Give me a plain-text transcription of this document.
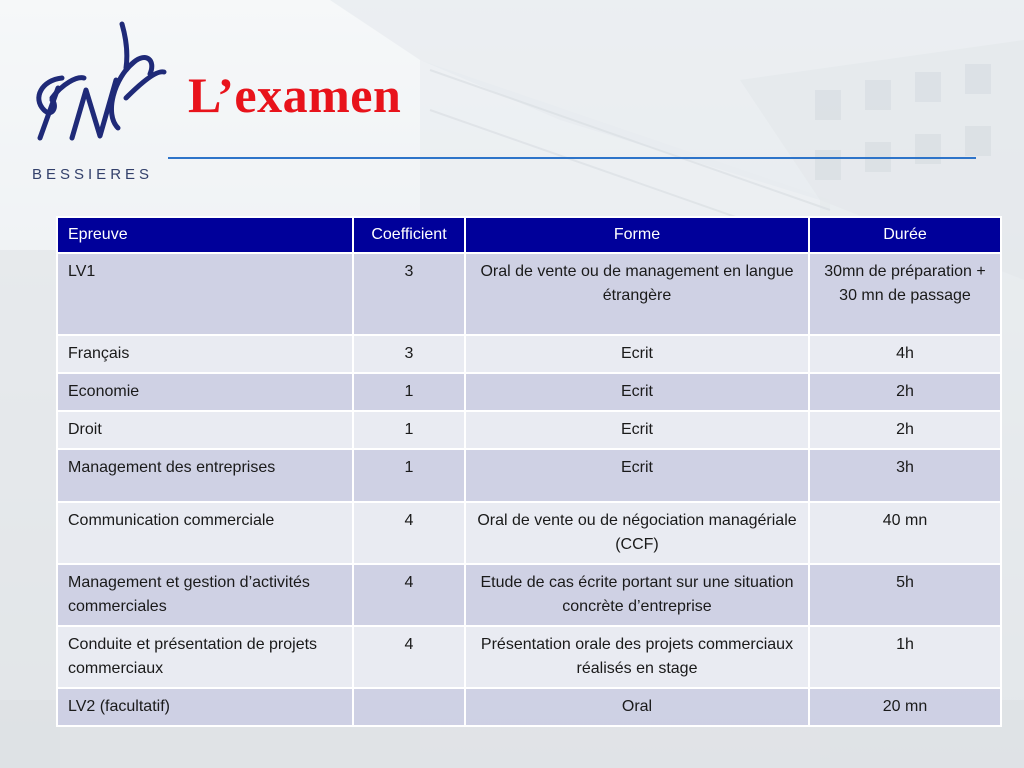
BESSIERES
L’examen
Epreuve	Coefficient	Forme	Durée
LV1	3	Oral de vente ou de management en langue étrangère	30mn de préparation + 30 mn de passage
Français	3	Ecrit	4h
Economie	1	Ecrit	2h
Droit	1	Ecrit	2h
Management des entreprises	1	Ecrit	3h
Communication commerciale	4	Oral de vente ou de négociation managériale (CCF)	40 mn
Management et gestion d’activités commerciales	4	Etude de cas écrite portant sur une situation concrète d’entreprise	5h
Conduite et présentation de projets commerciaux	4	Présentation orale des projets commerciaux réalisés en stage	1h
LV2 (facultatif)		Oral	20 mn
